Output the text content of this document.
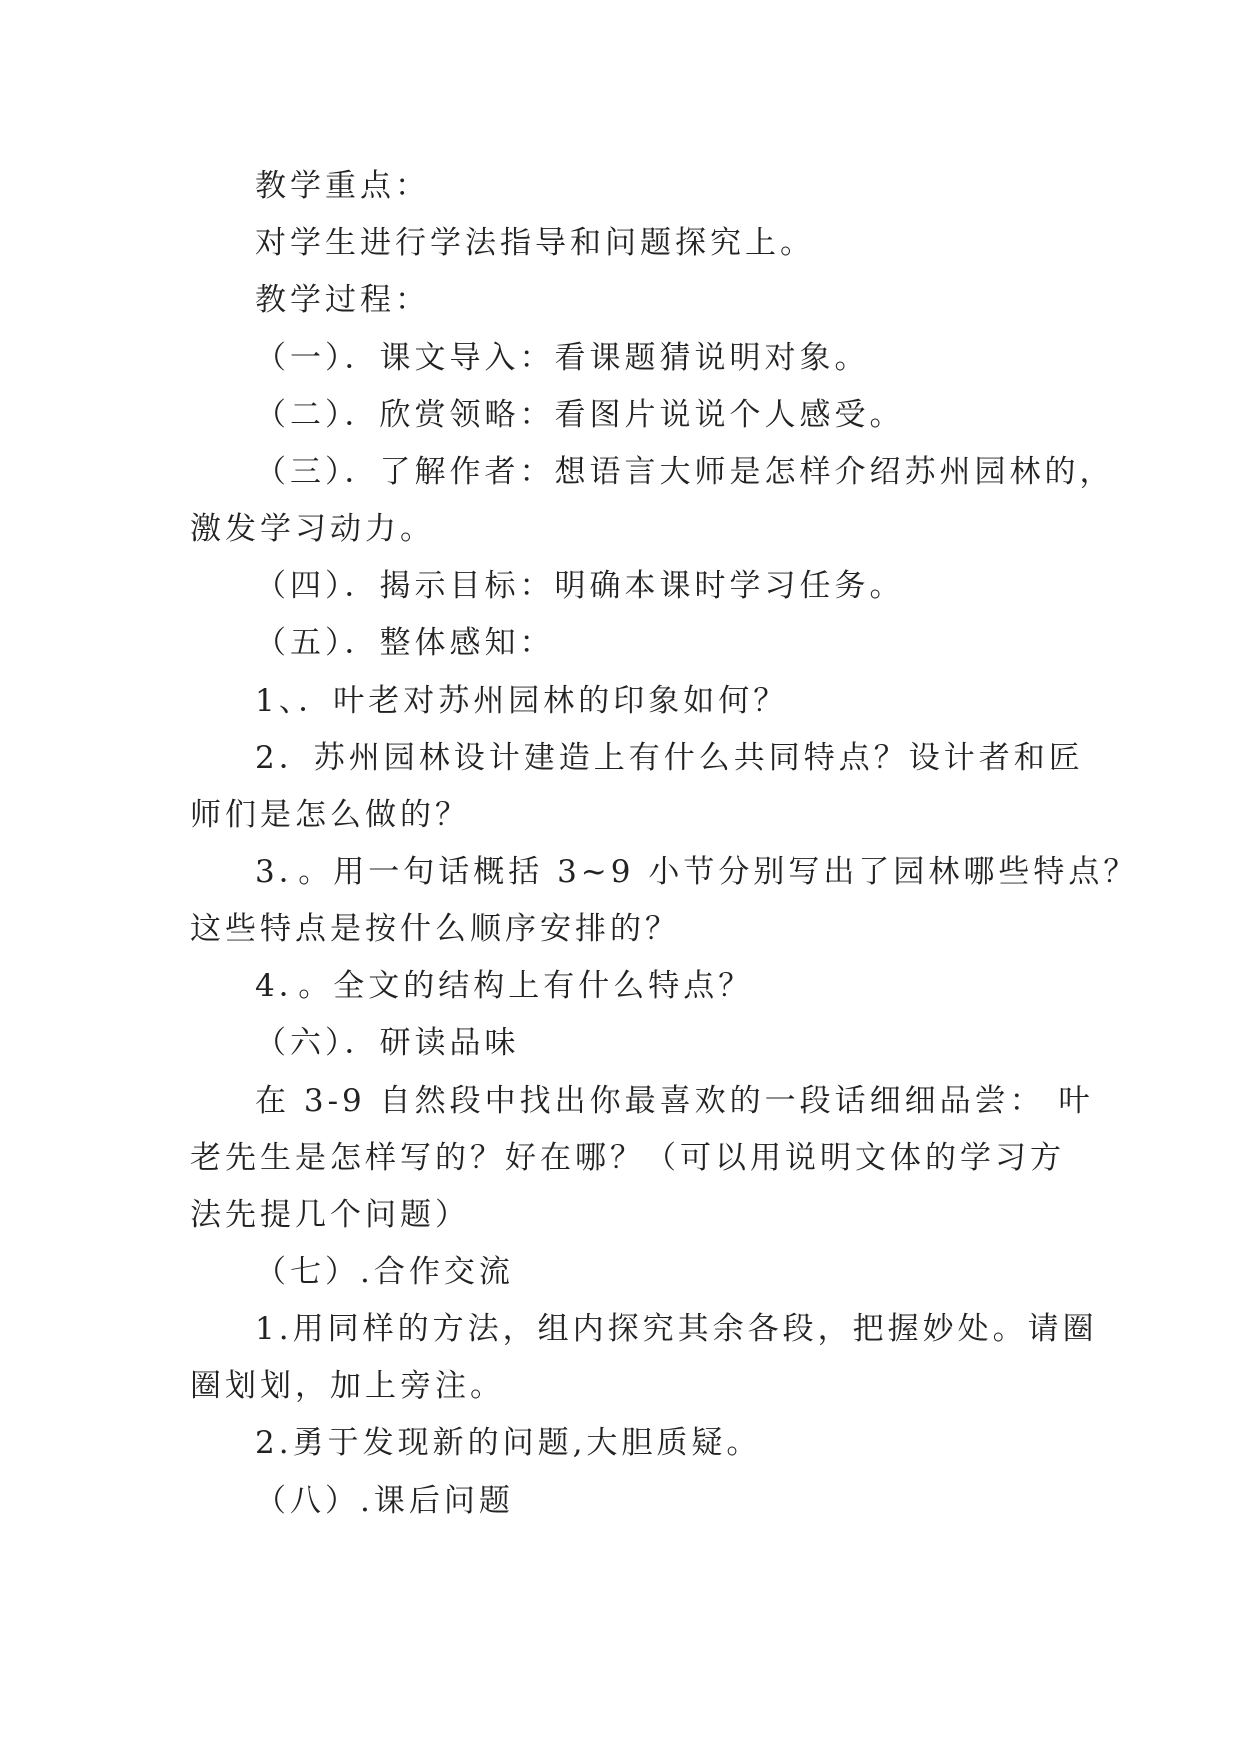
教学重点：
对学生进行学法指导和问题探究上。
教学过程：
（一）．课文导入：看课题猜说明对象。
（二）．欣赏领略：看图片说说个人感受。
（三）．了解作者：想语言大师是怎样介绍苏州园林的，
激发学习动力。
（四）．揭示目标：明确本课时学习任务。
（五）．整体感知：
1、．叶老对苏州园林的印象如何？
2．苏州园林设计建造上有什么共同特点？设计者和匠
师们是怎么做的？
3．。用一句话概括 3~9 小节分别写出了园林哪些特点？
这些特点是按什么顺序安排的？
4．。全文的结构上有什么特点？
（六）．研读品味
在 3-9 自然段中找出你最喜欢的一段话细细品尝： 叶
老先生是怎样写的？好在哪？（可以用说明文体的学习方
法先提几个问题）
（七）.合作交流
1.用同样的方法，组内探究其余各段，把握妙处。请圈
圈划划，加上旁注。
2.勇于发现新的问题,大胆质疑。
（八）.课后问题
